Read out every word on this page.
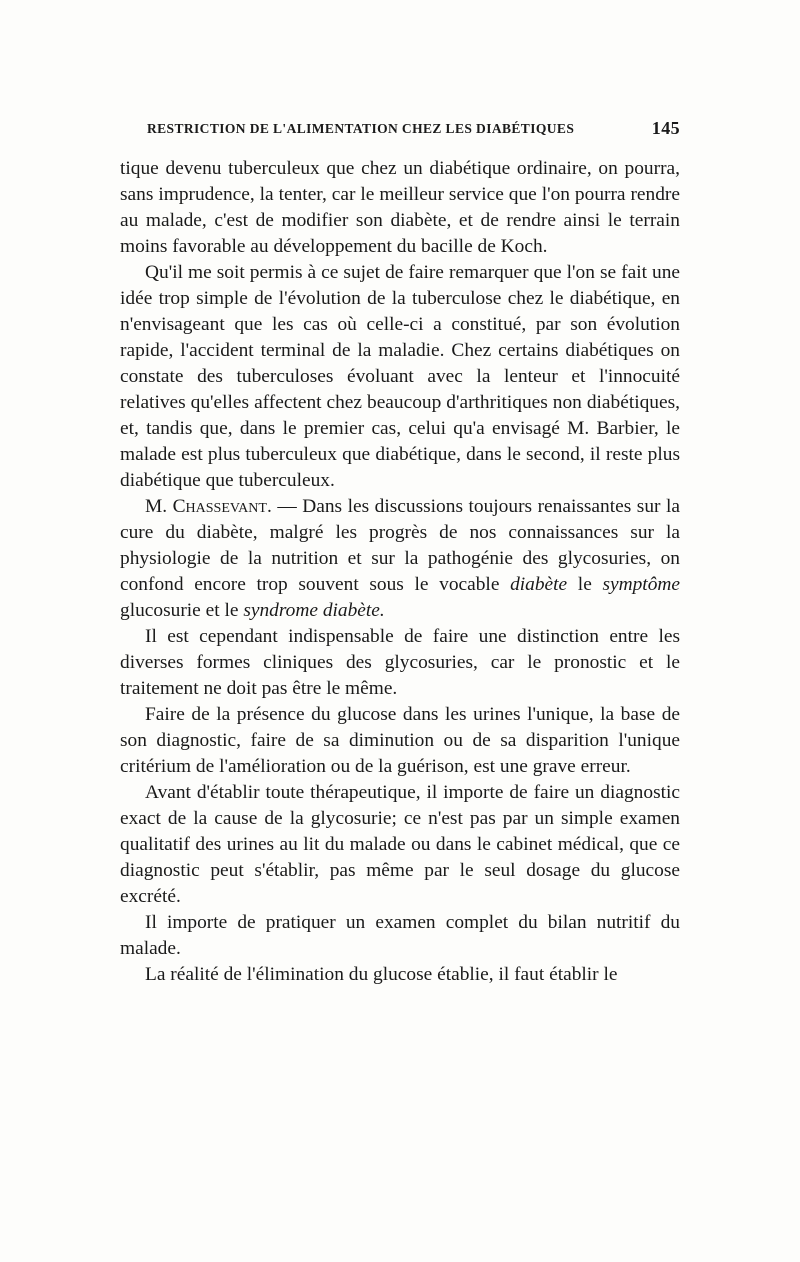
RESTRICTION DE L'ALIMENTATION CHEZ LES DIABÉTIQUES	145

tique devenu tuberculeux que chez un diabétique ordinaire, on pourra, sans imprudence, la tenter, car le meilleur service que l'on pourra rendre au malade, c'est de modifier son diabète, et de rendre ainsi le terrain moins favorable au développement du bacille de Koch.

Qu'il me soit permis à ce sujet de faire remarquer que l'on se fait une idée trop simple de l'évolution de la tuberculose chez le diabétique, en n'envisageant que les cas où celle-ci a constitué, par son évolution rapide, l'accident terminal de la maladie. Chez certains diabétiques on constate des tuberculoses évoluant avec la lenteur et l'innocuité relatives qu'elles affectent chez beaucoup d'arthritiques non diabétiques, et, tandis que, dans le premier cas, celui qu'a envisagé M. Barbier, le malade est plus tuberculeux que diabétique, dans le second, il reste plus diabétique que tuberculeux.

M. Chassevant. — Dans les discussions toujours renaissantes sur la cure du diabète, malgré les progrès de nos connaissances sur la physiologie de la nutrition et sur la pathogénie des glycosuries, on confond encore trop souvent sous le vocable diabète le symptôme glucosurie et le syndrome diabète.

Il est cependant indispensable de faire une distinction entre les diverses formes cliniques des glycosuries, car le pronostic et le traitement ne doit pas être le même.

Faire de la présence du glucose dans les urines l'unique, la base de son diagnostic, faire de sa diminution ou de sa disparition l'unique critérium de l'amélioration ou de la guérison, est une grave erreur.

Avant d'établir toute thérapeutique, il importe de faire un diagnostic exact de la cause de la glycosurie; ce n'est pas par un simple examen qualitatif des urines au lit du malade ou dans le cabinet médical, que ce diagnostic peut s'établir, pas même par le seul dosage du glucose excrété.

Il importe de pratiquer un examen complet du bilan nutritif du malade.

La réalité de l'élimination du glucose établie, il faut établir le
